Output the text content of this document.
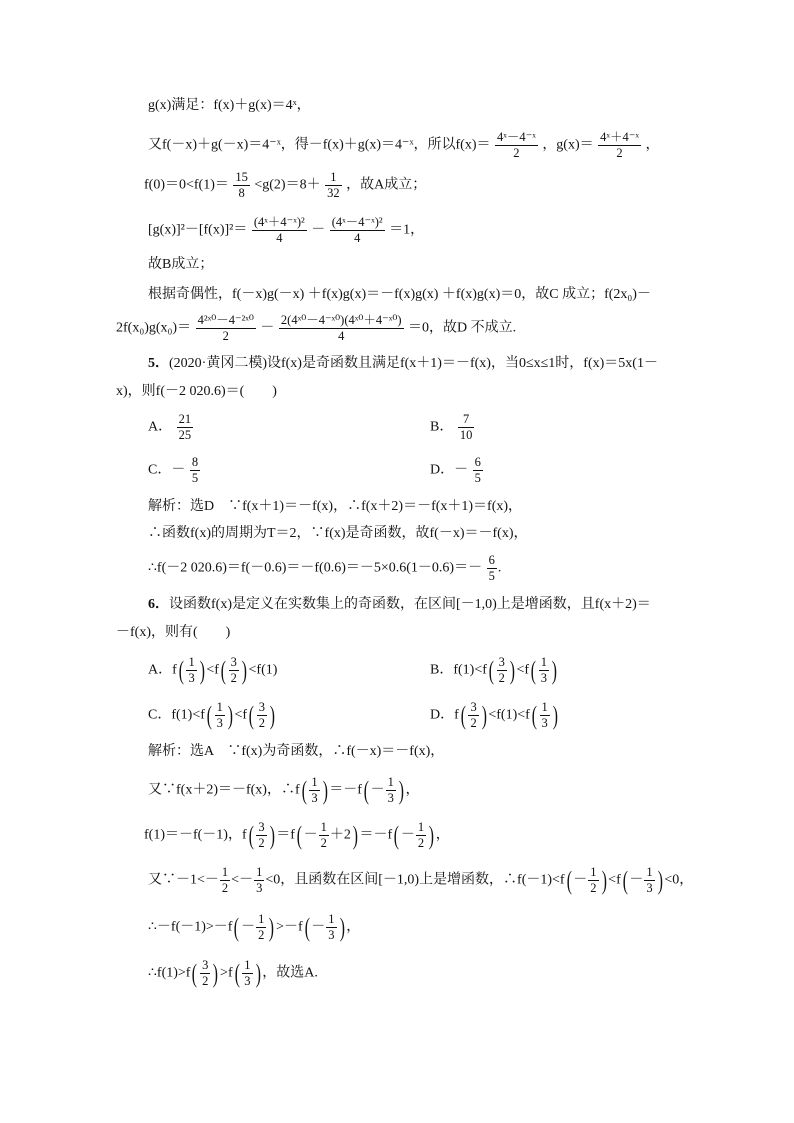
g(x)满足：f(x)＋g(x)＝4ˣ，
又f(－x)＋g(－x)＝4⁻ˣ，得－f(x)＋g(x)＝4⁻ˣ，所以$f(x)= \frac{\text{4ˣ－4⁻ˣ}}{2}$ ，$g(x)= \frac{\text{4ˣ＋4⁻ˣ}}{2}$ ，
$f(0)=0<f(1)= \frac{15}{8} <g(2)=8+ \frac{1}{32}$ ，故A成立；
$[g(x)]^2-[f(x)]^2= \frac{\text{(4ˣ＋4⁻ˣ)²}}{4} - \frac{\text{(4ˣ－4⁻ˣ)²}}{4} =1$，
故B成立；
根据奇偶性，f(－x)g(－x) ＋f(x)g(x)＝－f(x)g(x) ＋f(x)g(x)＝0，故C 成立；f(2x₀)－
$2f(x_0)g(x_0)= \frac{\text{4²ˣ⁰－4⁻²ˣ⁰}}{2} - \frac{\text{2(4ˣ⁰－4⁻ˣ⁰)(4ˣ⁰＋4⁻ˣ⁰)}}{4} =0$，故D 不成立.
5．(2020·黄冈二模)设f(x)是奇函数且满足f(x＋1)＝－f(x)，当0≤x≤1时，f(x)＝5x(1－
x)，则f(－2 020.6)＝(　　)
A． $\frac{21}{25}$	B． $\frac{7}{10}$
C．－ $\frac{8}{5}$	D．－ $\frac{6}{5}$
解析：选D　∵f(x＋1)＝－f(x)，∴f(x＋2)＝－f(x＋1)＝f(x)，
∴函数f(x)的周期为T＝2，∵f(x)是奇函数，故f(－x)＝－f(x)，
∴f(－2 $020.6)=f(-0.6)=-f(0.6)=-5\times 0.6(1-0.6)=- \frac{6}{5}$ .
6．设函数f(x)是定义在实数集上的奇函数，在区间[－1,0)上是增函数，且f(x＋2)＝
－f(x)，则有(　　)
A．$f( \frac{1}{3}$ ) $<f( \frac{3}{2}$ ) <f(1)	B．$f(1)<f( \frac{3}{2}$ ) $<f( \frac{1}{3}$ )
C．$f(1)<f( \frac{1}{3}$ ) $<f( \frac{3}{2}$ )	D．$f( \frac{3}{2}$ ) $<f(1)<f( \frac{1}{3}$ )
解析：选A　∵f(x)为奇函数，∴f(－x)＝－f(x)，
又∵f(x＋2)＝－f(x)，∴f( $\frac{1}{3}$ ) $=-f( - \frac{1}{3}$ ) ，
f(1)＝－f(－1)，$f( \frac{3}{2}$ ) $=f( - \frac{1}{2} +2) =-f( - \frac{1}{2}$ ) ，
又∵－1<－ $\frac{1}{2} <- \frac{1}{3} <0$，且函数在区间[－1,0)上是增函数，∴f(－1)<f( － $\frac{1}{2}$ ) $<f( - \frac{1}{3}$ ) <0，
∴－f(－1)>－f( － $\frac{1}{2}$ ) $>-f( - \frac{1}{3}$ ) ，
∴f(1)>f( $\frac{3}{2}$ ) $>f( \frac{1}{3}$ ) ，故选A.
